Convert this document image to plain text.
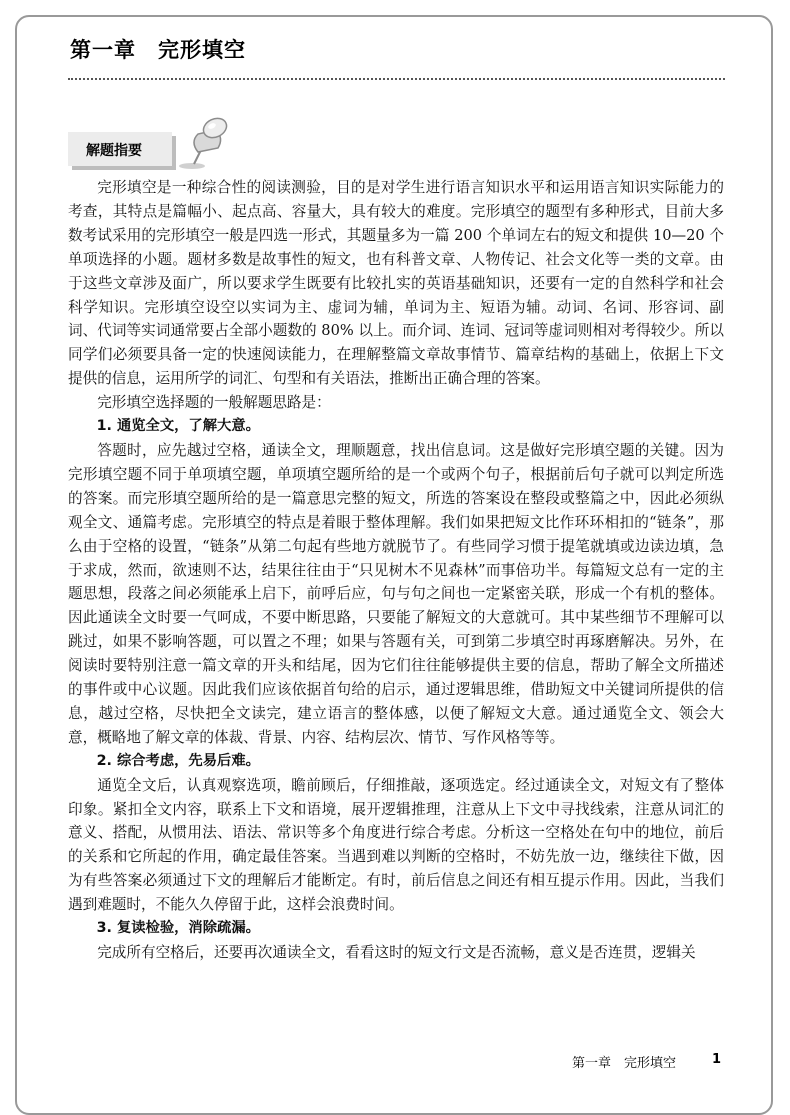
第一章　完形填空
解题指要

完形填空是一种综合性的阅读测验，目的是对学生进行语言知识水平和运用语言知识实际能力的考查，其特点是篇幅小、起点高、容量大，具有较大的难度。完形填空的题型有多种形式，目前大多数考试采用的完形填空一般是四选一形式，其题量多为一篇 200 个单词左右的短文和提供 10—20 个单项选择的小题。题材多数是故事性的短文，也有科普文章、人物传记、社会文化等一类的文章。由于这些文章涉及面广，所以要求学生既要有比较扎实的英语基础知识，还要有一定的自然科学和社会科学知识。完形填空设空以实词为主、虚词为辅，单词为主、短语为辅。动词、名词、形容词、副词、代词等实词通常要占全部小题数的 80% 以上。而介词、连词、冠词等虚词则相对考得较少。所以同学们必须要具备一定的快速阅读能力，在理解整篇文章故事情节、篇章结构的基础上，依据上下文提供的信息，运用所学的词汇、句型和有关语法，推断出正确合理的答案。

完形填空选择题的一般解题思路是：

1. 通览全文，了解大意。

答题时，应先越过空格，通读全文，理顺题意，找出信息词。这是做好完形填空题的关键。因为完形填空题不同于单项填空题，单项填空题所给的是一个或两个句子，根据前后句子就可以判定所选的答案。而完形填空题所给的是一篇意思完整的短文，所选的答案设在整段或整篇之中，因此必须纵观全文、通篇考虑。完形填空的特点是着眼于整体理解。我们如果把短文比作环环相扣的“链条”，那么由于空格的设置，“链条”从第二句起有些地方就脱节了。有些同学习惯于提笔就填或边读边填，急于求成，然而，欲速则不达，结果往往由于“只见树木不见森林”而事倍功半。每篇短文总有一定的主题思想，段落之间必须能承上启下，前呼后应，句与句之间也一定紧密关联，形成一个有机的整体。因此通读全文时要一气呵成，不要中断思路，只要能了解短文的大意就可。其中某些细节不理解可以跳过，如果不影响答题，可以置之不理；如果与答题有关，可到第二步填空时再琢磨解决。另外，在阅读时要特别注意一篇文章的开头和结尾，因为它们往往能够提供主要的信息，帮助了解全文所描述的事件或中心议题。因此我们应该依据首句给的启示，通过逻辑思维，借助短文中关键词所提供的信息，越过空格，尽快把全文读完，建立语言的整体感，以便了解短文大意。通过通览全文、领会大意，概略地了解文章的体裁、背景、内容、结构层次、情节、写作风格等等。

2. 综合考虑，先易后难。

通览全文后，认真观察选项，瞻前顾后，仔细推敲，逐项选定。经过通读全文，对短文有了整体印象。紧扣全文内容，联系上下文和语境，展开逻辑推理，注意从上下文中寻找线索，注意从词汇的意义、搭配，从惯用法、语法、常识等多个角度进行综合考虑。分析这一空格处在句中的地位，前后的关系和它所起的作用，确定最佳答案。当遇到难以判断的空格时，不妨先放一边，继续往下做，因为有些答案必须通过下文的理解后才能断定。有时，前后信息之间还有相互提示作用。因此，当我们遇到难题时，不能久久停留于此，这样会浪费时间。

3. 复读检验，消除疏漏。

完成所有空格后，还要再次通读全文，看看这时的短文行文是否流畅，意义是否连贯，逻辑关

第一章　完形填空	1
